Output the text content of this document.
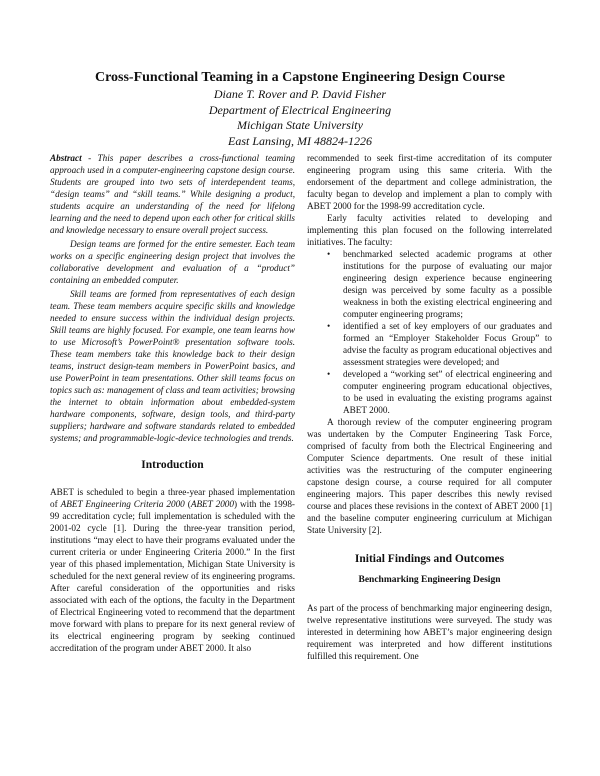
Cross-Functional Teaming in a Capstone Engineering Design Course
Diane T. Rover and P. David Fisher
Department of Electrical Engineering
Michigan State University
East Lansing, MI 48824-1226

Abstract - This paper describes a cross-functional teaming approach used in a computer-engineering capstone design course. Students are grouped into two sets of interdependent teams, “design teams” and “skill teams.” While designing a product, students acquire an understanding of the need for lifelong learning and the need to depend upon each other for critical skills and knowledge necessary to ensure overall project success.

Design teams are formed for the entire semester. Each team works on a specific engineering design project that involves the collaborative development and evaluation of a “product” containing an embedded computer.

Skill teams are formed from representatives of each design team. These team members acquire specific skills and knowledge needed to ensure success within the individual design projects. Skill teams are highly focused. For example, one team learns how to use Microsoft’s PowerPoint® presentation software tools. These team members take this knowledge back to their design teams, instruct design-team members in PowerPoint basics, and use PowerPoint in team presentations. Other skill teams focus on topics such as: management of class and team activities; browsing the internet to obtain information about embedded-system hardware components, software, design tools, and third-party suppliers; hardware and software standards related to embedded systems; and programmable-logic-device technologies and trends.

Introduction

ABET is scheduled to begin a three-year phased implementation of ABET Engineering Criteria 2000 (ABET 2000) with the 1998-99 accreditation cycle; full implementation is scheduled with the 2001-02 cycle [1]. During the three-year transition period, institutions “may elect to have their programs evaluated under the current criteria or under Engineering Criteria 2000.” In the first year of this phased implementation, Michigan State University is scheduled for the next general review of its engineering programs. After careful consideration of the opportunities and risks associated with each of the options, the faculty in the Department of Electrical Engineering voted to recommend that the department move forward with plans to prepare for its next general review of its electrical engineering program by seeking continued accreditation of the program under ABET 2000. It also

recommended to seek first-time accreditation of its computer engineering program using this same criteria. With the endorsement of the department and college administration, the faculty began to develop and implement a plan to comply with ABET 2000 for the 1998-99 accreditation cycle.

Early faculty activities related to developing and implementing this plan focused on the following interrelated initiatives. The faculty:

• benchmarked selected academic programs at other institutions for the purpose of evaluating our major engineering design experience because engineering design was perceived by some faculty as a possible weakness in both the existing electrical engineering and computer engineering programs;

• identified a set of key employers of our graduates and formed an “Employer Stakeholder Focus Group” to advise the faculty as program educational objectives and assessment strategies were developed; and

• developed a “working set” of electrical engineering and computer engineering program educational objectives, to be used in evaluating the existing programs against ABET 2000.

A thorough review of the computer engineering program was undertaken by the Computer Engineering Task Force, comprised of faculty from both the Electrical Engineering and Computer Science departments. One result of these initial activities was the restructuring of the computer engineering capstone design course, a course required for all computer engineering majors. This paper describes this newly revised course and places these revisions in the context of ABET 2000 [1] and the baseline computer engineering curriculum at Michigan State University [2].

Initial Findings and Outcomes
Benchmarking Engineering Design

As part of the process of benchmarking major engineering design, twelve representative institutions were surveyed. The study was interested in determining how ABET’s major engineering design requirement was interpreted and how different institutions fulfilled this requirement. One
